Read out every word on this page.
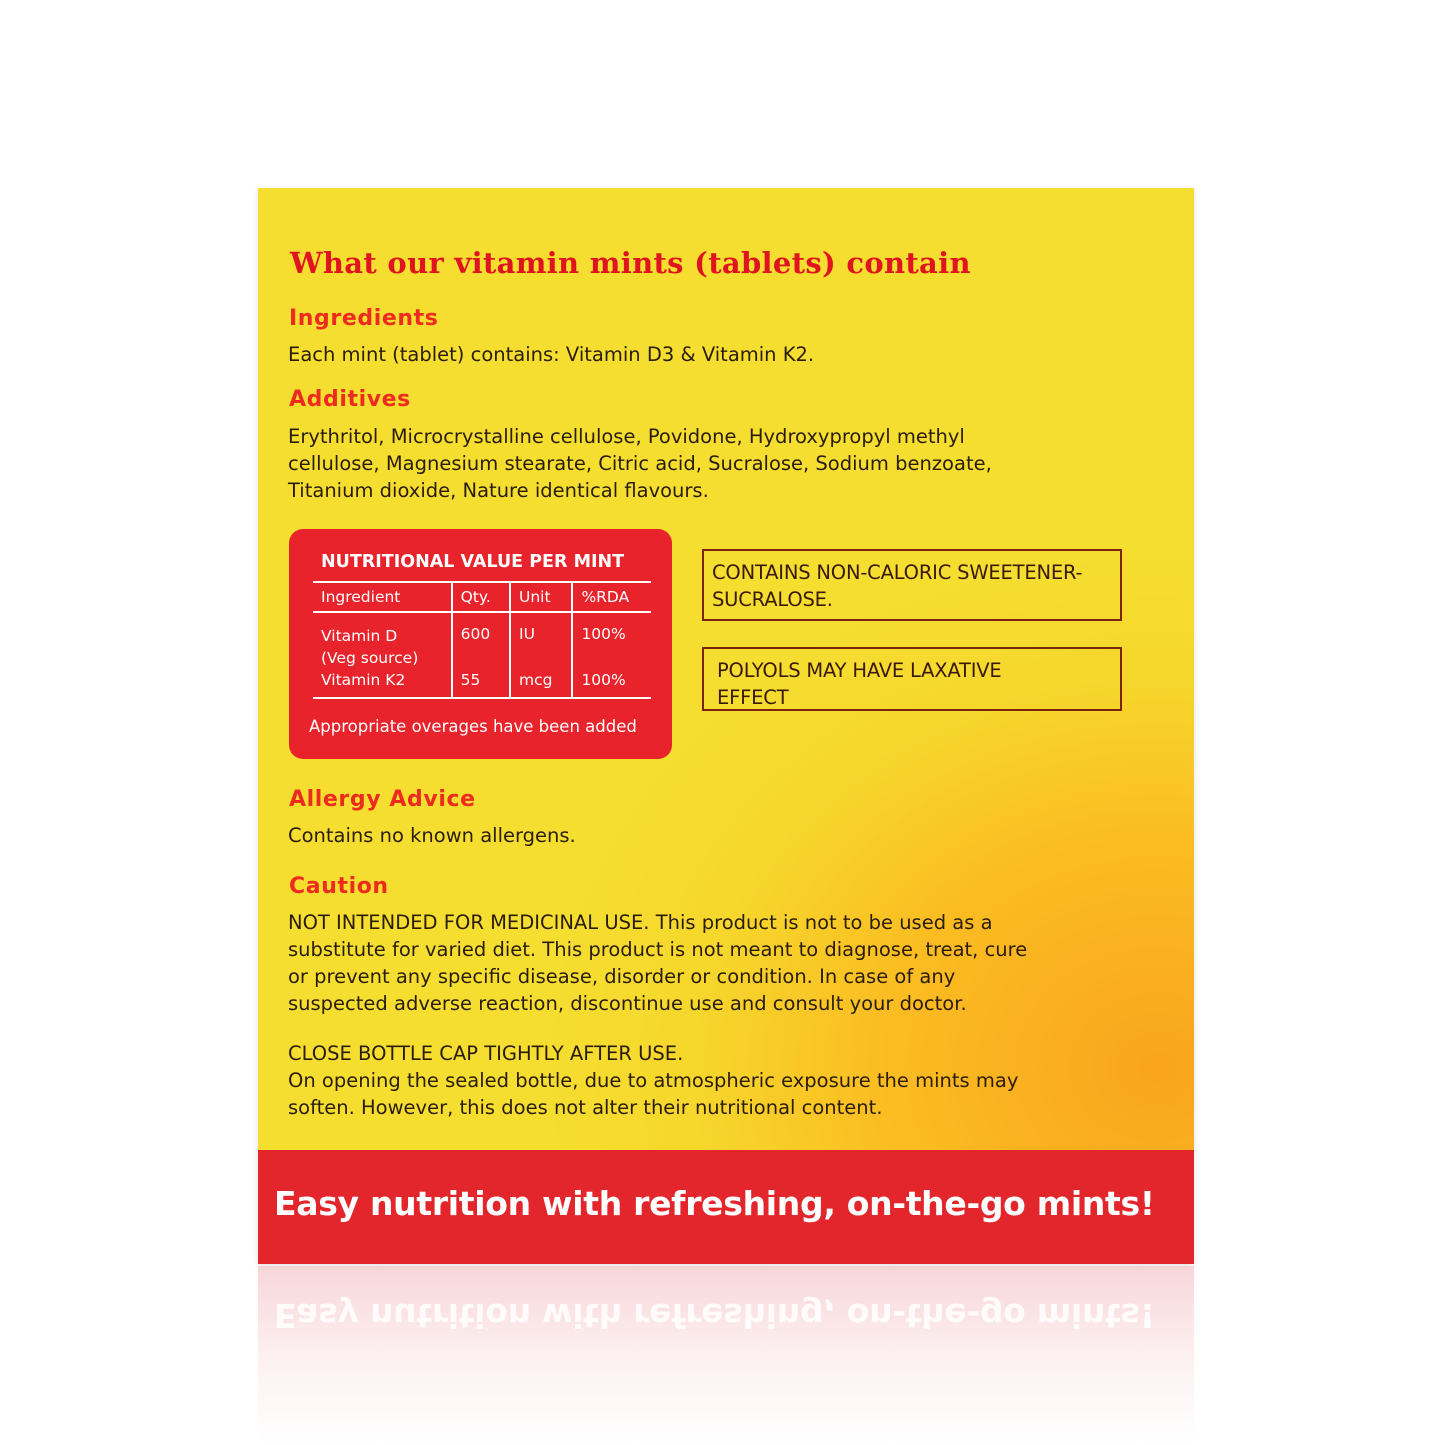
What our vitamin mints (tablets) contain
Ingredients

Each mint (tablet) contains: Vitamin D3 & Vitamin K2.

Additives

Erythritol, Microcrystalline cellulose, Povidone, Hydroxypropyl methyl
cellulose, Magnesium stearate, Citric acid, Sucralose, Sodium benzoate,
Titanium dioxide, Nature identical flavours.

NUTRITIONAL VALUE PER MINT
Ingredient	Qty.	Unit	%RDA
Vitamin D
(Veg source)	600	IU	100%
Vitamin K2	55	mcg	100%
Appropriate overages have been added
CONTAINS NON-CALORIC SWEETENER-
SUCRALOSE.
POLYOLS MAY HAVE LAXATIVE
EFFECT
Allergy Advice

Contains no known allergens.

Caution

NOT INTENDED FOR MEDICINAL USE. This product is not to be used as a
substitute for varied diet. This product is not meant to diagnose, treat, cure
or prevent any specific disease, disorder or condition. In case of any
suspected adverse reaction, discontinue use and consult your doctor.

CLOSE BOTTLE CAP TIGHTLY AFTER USE.
On opening the sealed bottle, due to atmospheric exposure the mints may
soften. However, this does not alter their nutritional content.

Easy nutrition with refreshing, on-the-go mints!

Easy nutrition with refreshing, on-the-go mints!
